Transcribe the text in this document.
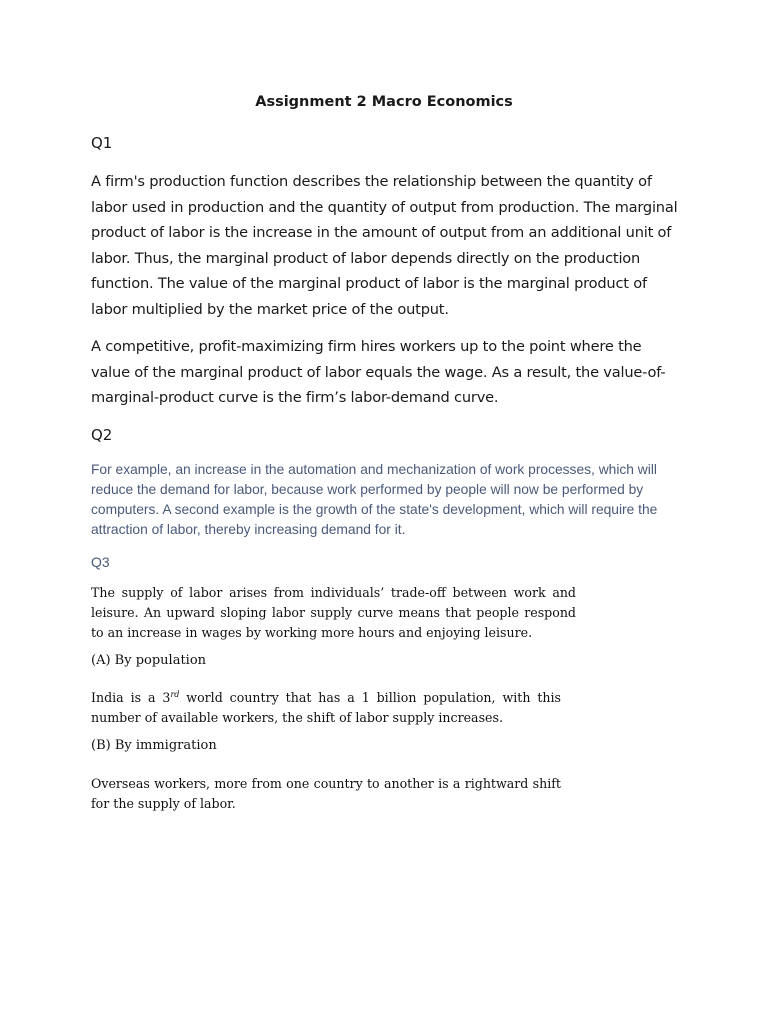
Assignment 2 Macro Economics
Q1
A firm's production function describes the relationship between the quantity of labor used in production and the quantity of output from production. The marginal product of labor is the increase in the amount of output from an additional unit of labor. Thus, the marginal product of labor depends directly on the production function. The value of the marginal product of labor is the marginal product of labor multiplied by the market price of the output.
A competitive, profit-maximizing firm hires workers up to the point where the value of the marginal product of labor equals the wage. As a result, the value-of-marginal-product curve is the firm’s labor-demand curve.
Q2
For example, an increase in the automation and mechanization of work processes, which will reduce the demand for labor, because work performed by people will now be performed by computers. A second example is the growth of the state's development, which will require the attraction of labor, thereby increasing demand for it.
Q3
The supply of labor arises from individuals’ trade-off between work and leisure. An upward sloping labor supply curve means that people respond to an increase in wages by working more hours and enjoying leisure.
(A) By population
India is a 3rd world country that has a 1 billion population, with this number of available workers, the shift of labor supply increases.
(B) By immigration
Overseas workers, more from one country to another is a rightward shift for the supply of labor.
